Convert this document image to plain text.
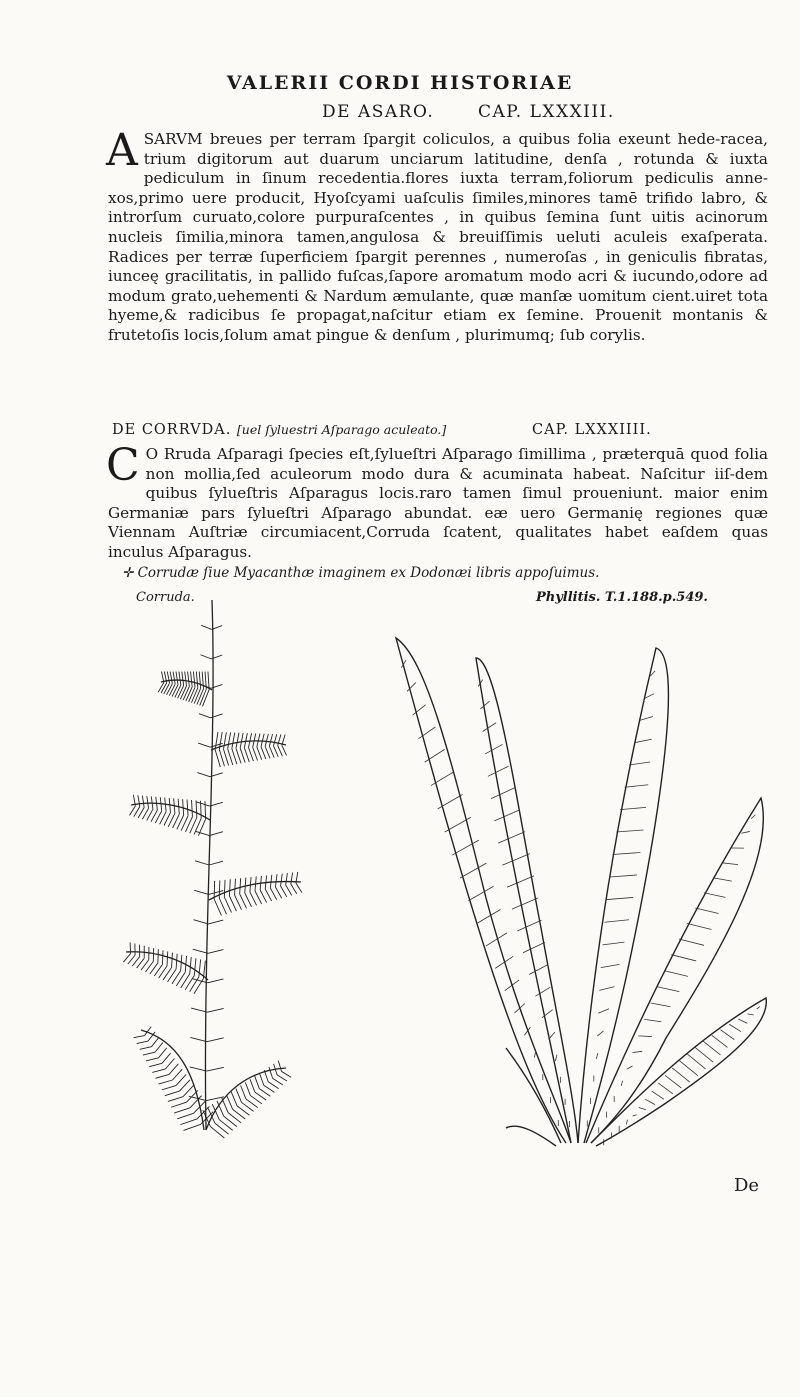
VALERII CORDI HISTORIAE
DE ASARO.	CAP. LXXXIII.
ASARVM breues per terram ſpargit coliculos, a quibus folia exeunt hede-racea, trium digitorum aut duarum unciarum latitudine, denſa , rotunda & iuxta pediculum in ſinum recedentia.flores iuxta terram,foliorum pediculis anne-xos,primo uere producit, Hyoſcyami uaſculis ſimiles,minores tamē trifido labro, & introrſum curuato,colore purpuraſcentes , in quibus ſemina ſunt uitis acinorum nucleis ſimilia,minora tamen,angulosa & breuiſſimis ueluti aculeis exaſperata. Radices per terræ ſuperficiem ſpargit perennes , numeroſas , in geniculis fibratas, iunceę gracilitatis, in pallido fuſcas,ſapore aromatum modo acri & iucundo,odore ad modum grato,uehementi & Nardum æmulante, quæ manſæ uomitum cient.uiret tota hyeme,& radicibus ſe propagat,naſcitur etiam ex ſemine. Prouenit montanis & frutetoſis locis,ſolum amat pingue & denſum , plurimumq; ſub corylis.
DE CORRVDA. [uel ſyluestri Aſparago aculeato.]	CAP. LXXXIIII.
C O Rruda Aſparagi ſpecies eſt,ſylueſtri Aſparago ſimillima , præterquā quod folia non mollia,ſed aculeorum modo dura & acuminata habeat. Naſcitur iiſ-dem quibus ſylueſtris Aſparagus locis.raro tamen ſimul proueniunt. maior enim Germaniæ pars ſylueſtri Aſparago abundat. eæ uero Germanię regiones quæ Viennam Auſtriæ circumiacent,Corruda ſcatent, qualitates habet eaſdem quas inculus Aſparagus.
✛ Corrudæ ſiue Myacanthæ imaginem ex Dodonæi libris appoſuimus.
Corruda.	Phyllitis. T.1.188.p.549.
De
